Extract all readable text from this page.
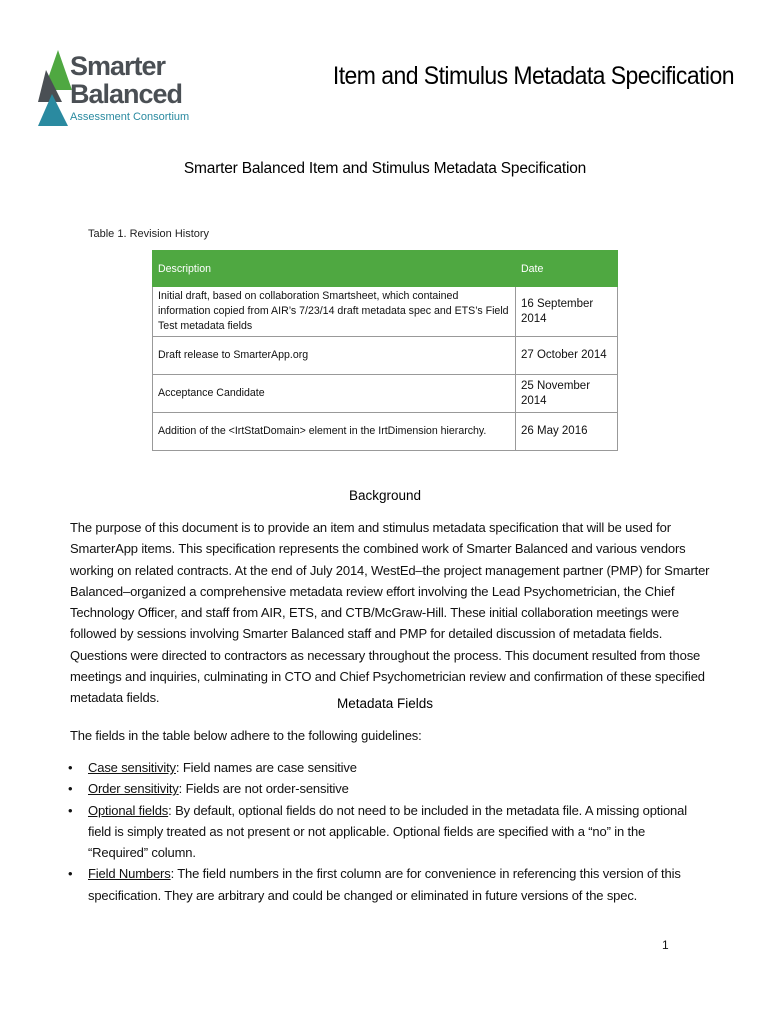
Smarter
Balanced
Assessment Consortium
Item and Stimulus Metadata Specification
Smarter Balanced Item and Stimulus Metadata Specification
Table 1. Revision History
Description	Date
Initial draft, based on collaboration Smartsheet, which contained information copied from AIR’s 7/23/14 draft metadata spec and ETS’s Field Test metadata fields	16 September 2014
Draft release to SmarterApp.org	27 October 2014
Acceptance Candidate	25 November 2014
Addition of the <IrtStatDomain> element in the IrtDimension hierarchy.	26 May 2016
Background
The purpose of this document is to provide an item and stimulus metadata specification that will be used for SmarterApp items. This specification represents the combined work of Smarter Balanced and various vendors working on related contracts. At the end of July 2014, WestEd–the project management partner (PMP) for Smarter Balanced–organized a comprehensive metadata review effort involving the Lead Psychometrician, the Chief Technology Officer, and staff from AIR, ETS, and CTB/McGraw-Hill. These initial collaboration meetings were followed by sessions involving Smarter Balanced staff and PMP for detailed discussion of metadata fields. Questions were directed to contractors as necessary throughout the process. This document resulted from those meetings and inquiries, culminating in CTO and Chief Psychometrician review and confirmation of these specified metadata fields.	Metadata Fields
The fields in the table below adhere to the following guidelines:
• Case sensitivity: Field names are case sensitive
• Order sensitivity: Fields are not order-sensitive
• Optional fields: By default, optional fields do not need to be included in the metadata file. A missing optional field is simply treated as not present or not applicable. Optional fields are specified with a “no” in the “Required” column.
• Field Numbers: The field numbers in the first column are for convenience in referencing this version of this specification. They are arbitrary and could be changed or eliminated in future versions of the spec.
1
